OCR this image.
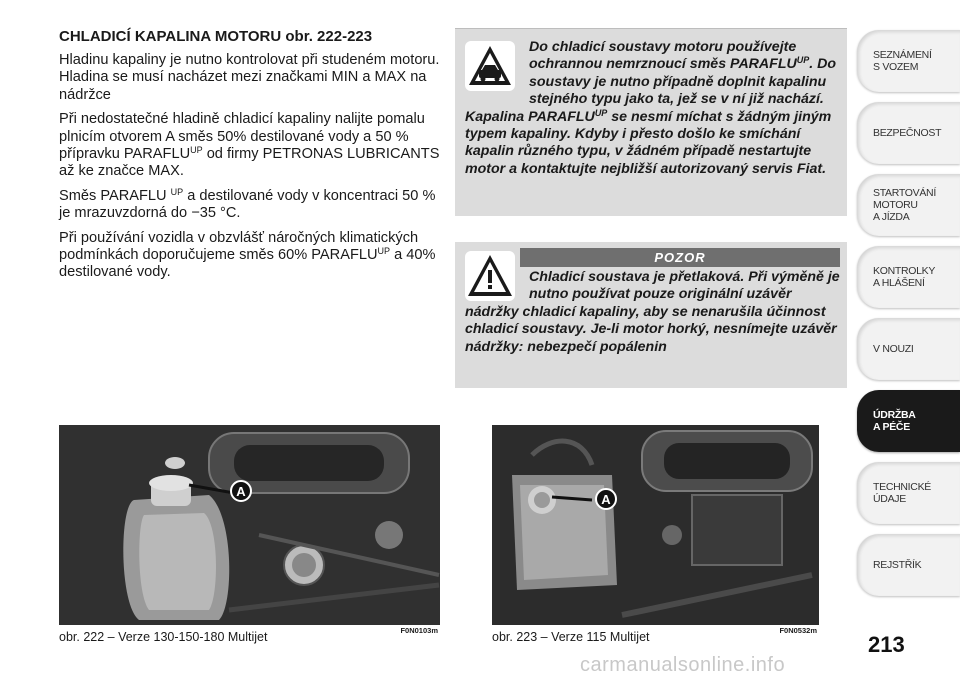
CHLADICÍ KAPALINA MOTORU obr. 222-223

Hladinu kapaliny je nutno kontrolovat při studeném motoru. Hladina se musí nacházet mezi značkami MIN a MAX na nádržce

Při nedostatečné hladině chladicí kapaliny nalijte pomalu plnicím otvorem A směs 50% destilované vody a 50 % přípravku $PARAFLU^{UP}$ od firmy PETRONAS LUBRICANTS až ke značce MAX.

Směs PARAFLU $^{UP}$ a destilované vody v koncentraci 50 % je mrazuvzdorná do −35 °C.

Při používání vozidla v obzvlášť náročných klimatických podmínkách doporučujeme směs 60% $PARAFLU^{UP}$ a 40% destilované vody.

Do chladicí soustavy motoru používejte ochrannou nemrznoucí směs $PARAFLU^{UP}$. Do soustavy je nutno případně doplnit kapalinu stejného typu jako ta, jež se v ní již nachází. Kapalina $PARAFLU^{UP}$ se nesmí míchat s žádným jiným typem kapaliny. Kdyby i přesto došlo ke smíchání kapalin různého typu, v žádném případě nestartujte motor a kontaktujte nejbližší autorizovaný servis Fiat.
POZOR
Chladicí soustava je přetlaková. Při výměně je nutno používat pouze originální uzávěr nádržky chladicí kapaliny, aby se nenarušila účinnost chladicí soustavy. Je-li motor horký, nesnímejte uzávěr nádržky: nebezpečí popálenin
A
obr. 222 – Verze 130-150-180 Multijet	F0N0103m
A
obr. 223 – Verze 115 Multijet	F0N0532m
SEZNÁMENÍ
S VOZEM
BEZPEČNOST
STARTOVÁNÍ
MOTORU
A JÍZDA
KONTROLKY
A HLÁŠENÍ
V NOUZI
ÚDRŽBA
A PÉČE
TECHNICKÉ
ÚDAJE
REJSTŘÍK
213
carmanualsonline.info
